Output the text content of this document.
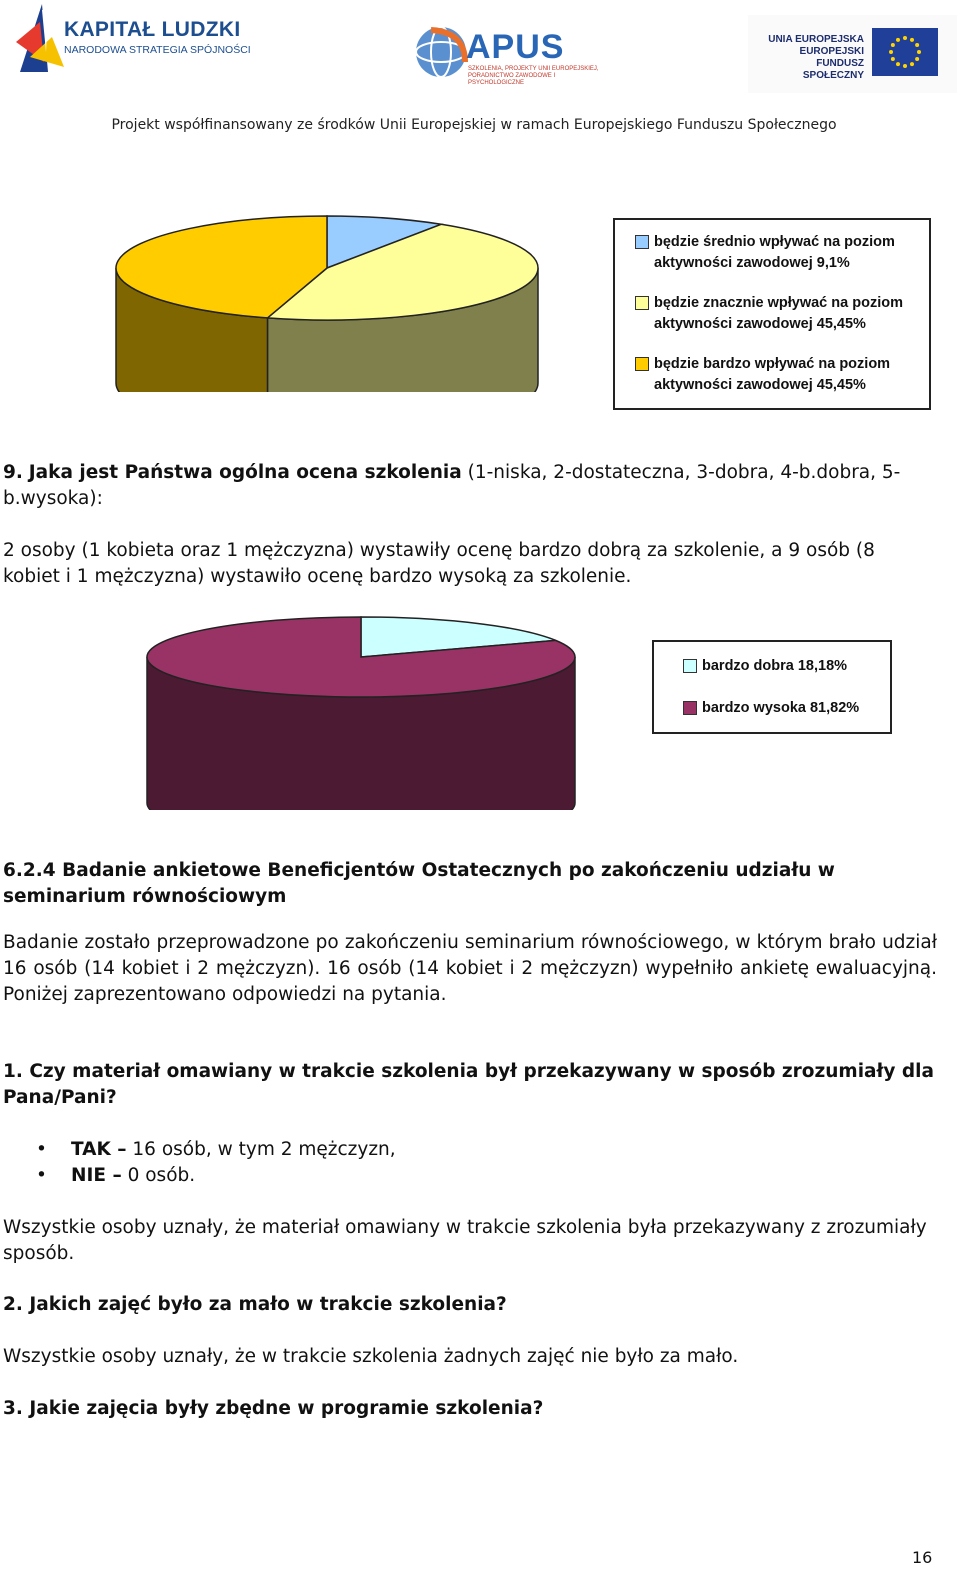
KAPITAŁ LUDZKI
NARODOWA STRATEGIA SPÓJNOŚCI	APUS
SZKOLENIA, PROJEKTY UNII EUROPEJSKIEJ, PORADNICTWO ZAWODOWE I PSYCHOLOGICZNE
UNIA EUROPEJSKA
EUROPEJSKI
FUNDUSZ SPOŁECZNY
Projekt współfinansowany ze środków Unii Europejskiej w ramach Europejskiego Funduszu Społecznego
będzie średnio wpływać na poziom aktywności zawodowej 9,1%
będzie znacznie wpływać na poziom aktywności zawodowej 45,45%
będzie bardzo wpływać na poziom aktywności zawodowej 45,45%
9. Jaka jest Państwa ogólna ocena szkolenia (1-niska, 2-dostateczna, 3-dobra, 4-b.dobra, 5-b.wysoka):
2 osoby (1 kobieta oraz 1 mężczyzna) wystawiły ocenę bardzo dobrą za szkolenie, a 9 osób (8 kobiet i 1 mężczyzna) wystawiło ocenę bardzo wysoką za szkolenie.
bardzo dobra 18,18%
bardzo wysoka 81,82%
6.2.4 Badanie ankietowe Beneficjentów Ostatecznych po zakończeniu udziału w seminarium równościowym
Badanie zostało przeprowadzone po zakończeniu seminarium równościowego, w którym brało udział 16 osób (14 kobiet i 2 mężczyzn). 16 osób (14 kobiet i 2 mężczyzn) wypełniło ankietę ewaluacyjną. Poniżej zaprezentowano odpowiedzi na pytania.
1. Czy materiał omawiany w trakcie szkolenia był przekazywany w sposób zrozumiały dla Pana/Pani?
• TAK – 16 osób, w tym 2 mężczyzn,
• NIE – 0 osób.
Wszystkie osoby uznały, że materiał omawiany w trakcie szkolenia była przekazywany z zrozumiały sposób.
2. Jakich zajęć było za mało w trakcie szkolenia?
Wszystkie osoby uznały, że w trakcie szkolenia żadnych zajęć nie było za mało.
3. Jakie zajęcia były zbędne w programie szkolenia?
16
